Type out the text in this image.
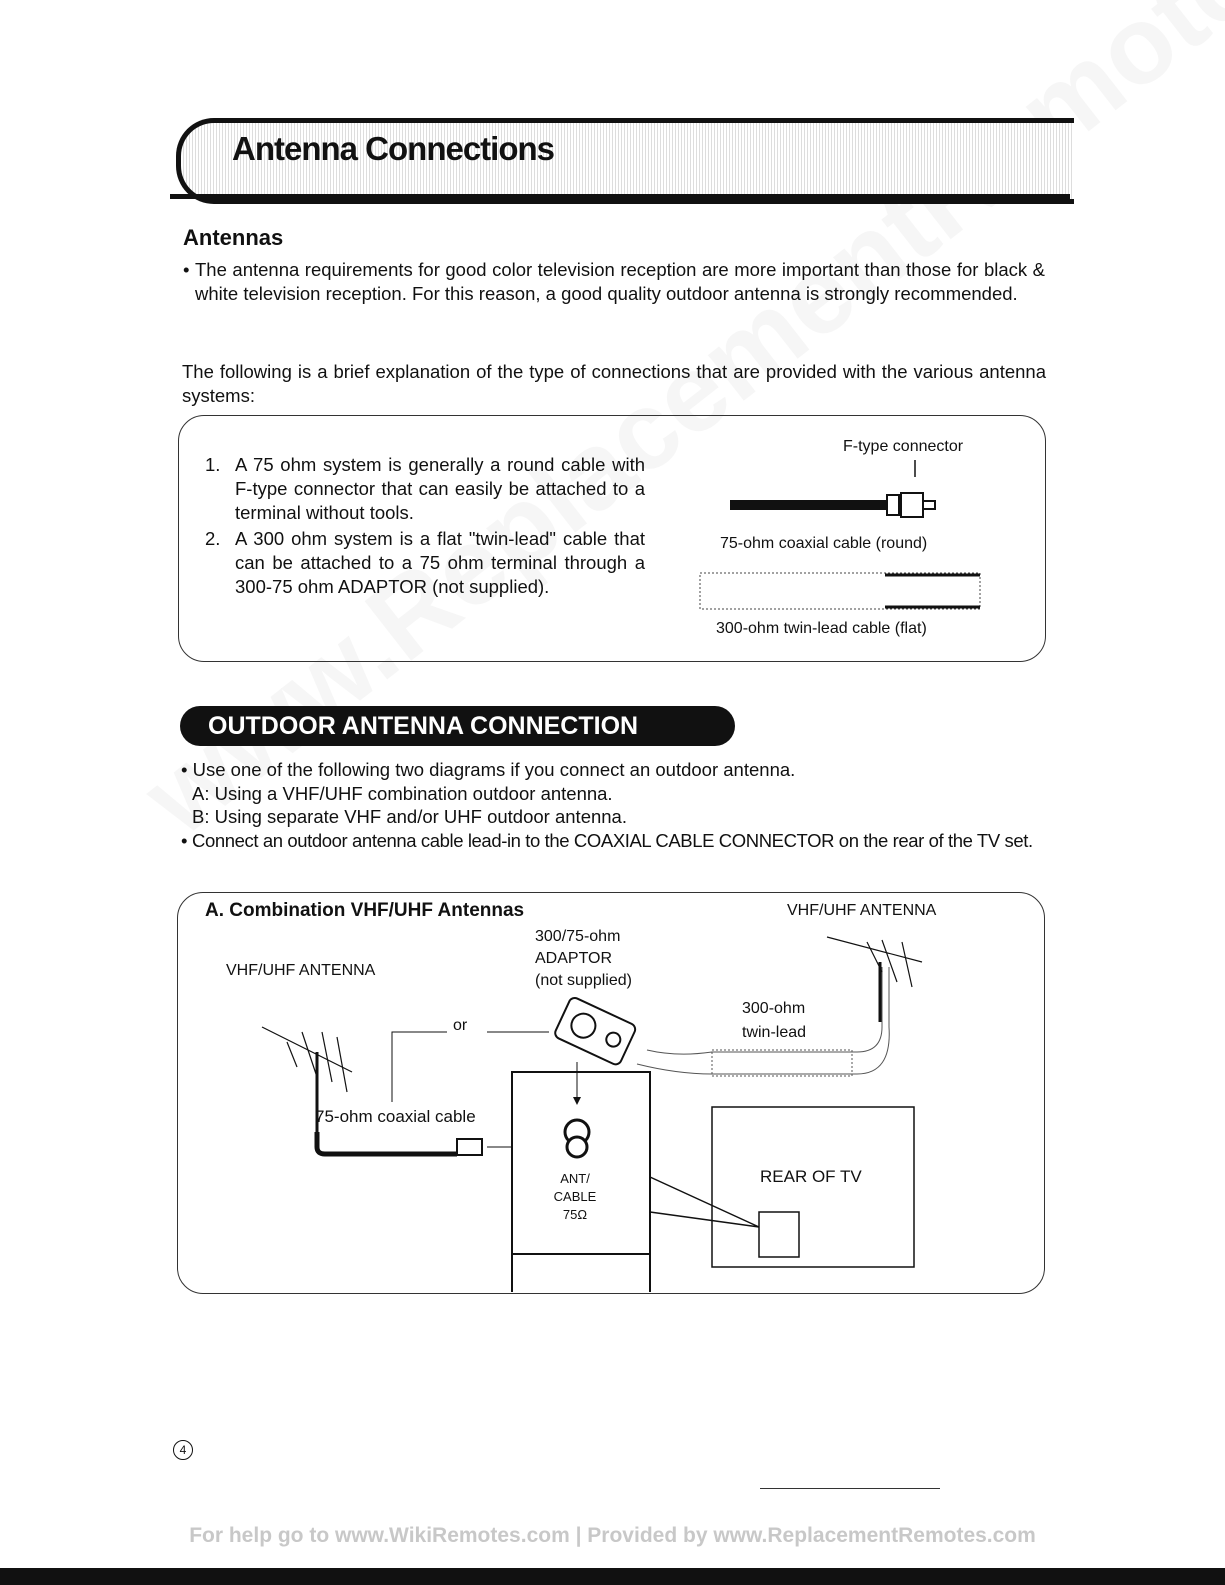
Antenna Connections
Antennas
• The antenna requirements for good color television reception are more important than those for black & white television reception. For this reason, a good quality outdoor antenna is strongly recommended.
The following is a brief explanation of the type of connections that are provided with the various antenna systems:
1. A 75 ohm system is generally a round cable with F-type connector that can easily be attached to a terminal without tools.
2. A 300 ohm system is a flat "twin-lead" cable that can be attached to a 75 ohm terminal through a 300-75 ohm ADAPTOR (not supplied).
F-type connector
75-ohm coaxial cable (round)
300-ohm twin-lead cable (flat)
OUTDOOR ANTENNA CONNECTION
• Use one of the following two diagrams if you connect an outdoor antenna.
A: Using a VHF/UHF combination outdoor antenna.
B: Using separate VHF and/or UHF outdoor antenna.
• Connect an outdoor antenna cable lead-in to the COAXIAL CABLE CONNECTOR on the rear of the TV set.
A. Combination VHF/UHF Antennas	VHF/UHF ANTENNA
VHF/UHF ANTENNA
300/75-ohm
ADAPTOR
(not supplied)
or
300-ohm
twin-lead
75-ohm coaxial cable
ANT/
CABLE
75Ω
REAR OF TV
4
For help go to www.WikiRemotes.com | Provided by www.ReplacementRemotes.com
